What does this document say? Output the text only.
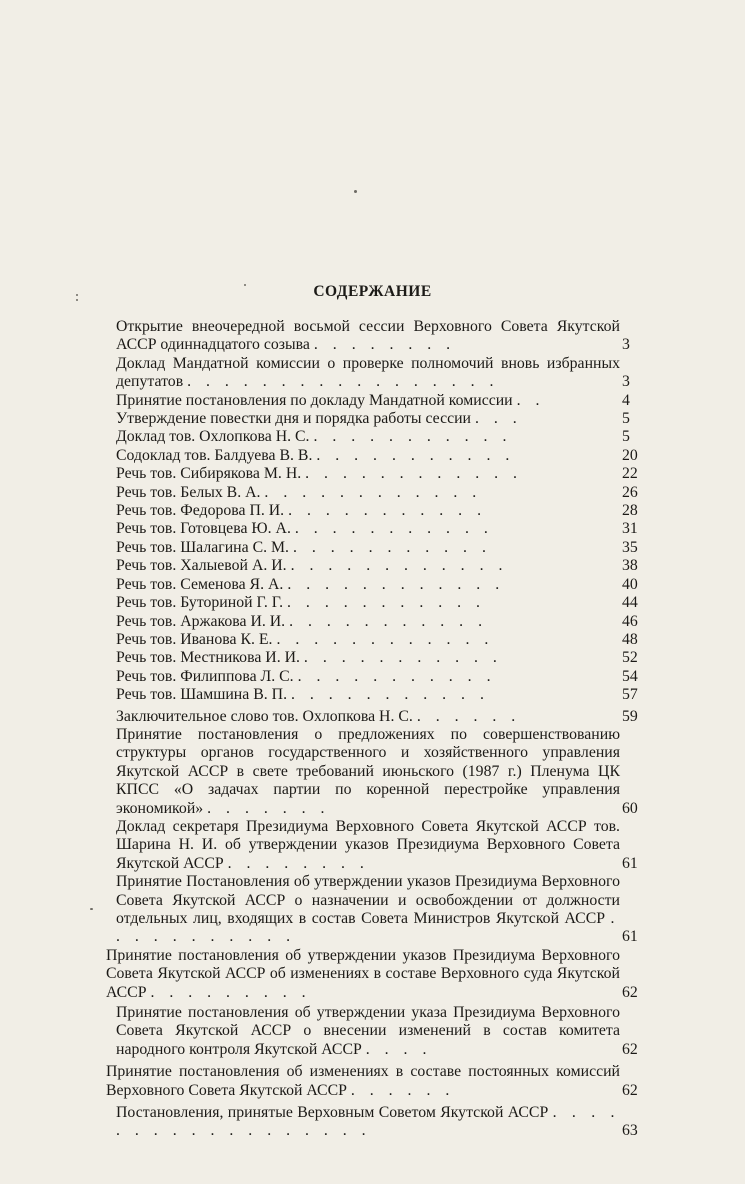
СОДЕРЖАНИЕ
Открытие внеочередной восьмой сессии Верховного Совета Якутской АССР одиннадцатого созыва . . . . . . . .	3
Доклад Мандатной комиссии о проверке полномочий вновь избранных депутатов . . . . . . . . . . . . . . . . .	3
Принятие постановления по докладу Мандатной комиссии . .	4
Утверждение повестки дня и порядка работы сессии . . .	5
Доклад тов. Охлопкова Н. С. . . . . . . . . . . .	5
Содоклад тов. Балдуева В. В. . . . . . . . . . . .	20
Речь тов. Сибирякова М. Н. . . . . . . . . . . . .	22
Речь тов. Белых В. А. . . . . . . . . . . . .	26
Речь тов. Федорова П. И. . . . . . . . . . . .	28
Речь тов. Готовцева Ю. А. . . . . . . . . . . .	31
Речь тов. Шалагина С. М. . . . . . . . . . . .	35
Речь тов. Халыевой А. И. . . . . . . . . . . . .	38
Речь тов. Семенова Я. А. . . . . . . . . . . . .	40
Речь тов. Буториной Г. Г. . . . . . . . . . . .	44
Речь тов. Аржакова И. И. . . . . . . . . . . .	46
Речь тов. Иванова К. Е. . . . . . . . . . . . .	48
Речь тов. Местникова И. И. . . . . . . . . . . .	52
Речь тов. Филиппова Л. С. . . . . . . . . . . .	54
Речь тов. Шамшина В. П. . . . . . . . . . . .	57
Заключительное слово тов. Охлопкова Н. С. . . . . . .	59
Принятие постановления о предложениях по совершенствованию структуры органов государственного и хозяйственного управления Якутской АССР в свете требований июньского (1987 г.) Пленума ЦК КПСС «О задачах партии по коренной перестройке управления экономикой» . . . . . . .	60
Доклад секретаря Президиума Верховного Совета Якутской АССР тов. Шарина Н. И. об утверждении указов Президиума Верховного Совета Якутской АССР . . . . . . . .	61
Принятие Постановления об утверждении указов Президиума Верховного Совета Якутской АССР о назначении и освобождении от должности отдельных лиц, входящих в состав Совета Министров Якутской АССР . . . . . . . . . . .	61
Принятие постановления об утверждении указов Президиума Верховного Совета Якутской АССР об изменениях в составе Верховного суда Якутской АССР . . . . . . . . .	62
Принятие постановления об утверждении указа Президиума Верховного Совета Якутской АССР о внесении изменений в состав комитета народного контроля Якутской АССР . . . .	62
Принятие постановления об изменениях в составе постоянных комиссий Верховного Совета Якутской АССР . . . . . .	62
Постановления, принятые Верховным Советом Якутской АССР . . . . . . . . . . . . . . . . . .	63
